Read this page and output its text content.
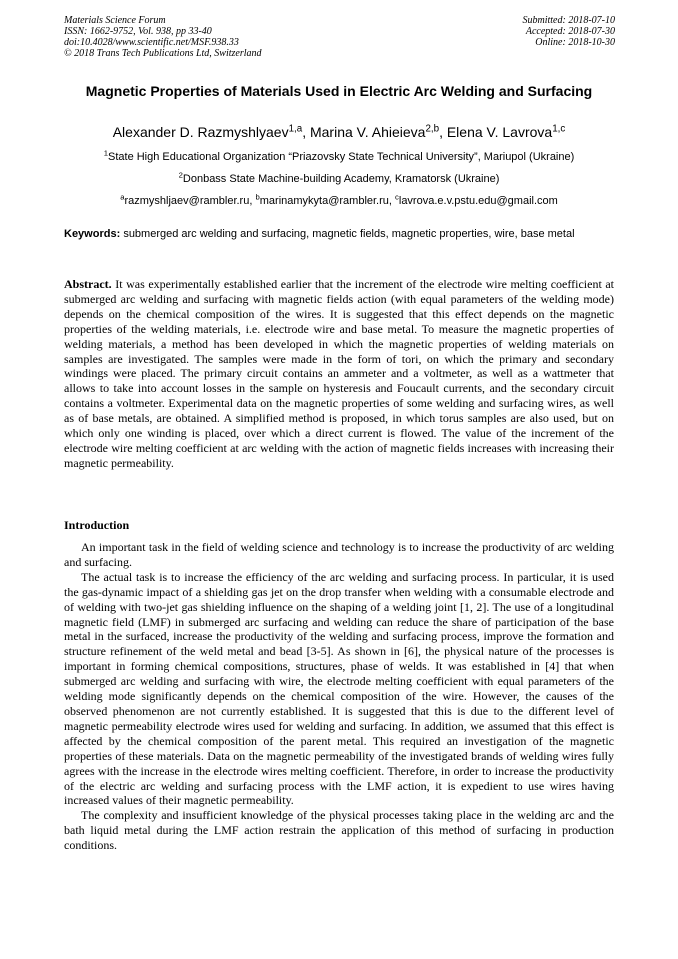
Materials Science Forum
ISSN: 1662-9752, Vol. 938, pp 33-40
doi:10.4028/www.scientific.net/MSF.938.33
© 2018 Trans Tech Publications Ltd, Switzerland
Submitted: 2018-07-10
Accepted: 2018-07-30
Online: 2018-10-30
Magnetic Properties of Materials Used in Electric Arc Welding and Surfacing
Alexander D. Razmyshlyaev$^{1,a}$, Marina V. Ahieieva$^{2,b}$, Elena V. Lavrova$^{1,c}$
$^1$State High Educational Organization “Priazovsky State Technical University”, Mariupol (Ukraine)
$^2$Donbass State Machine-building Academy, Kramatorsk (Ukraine)
$^a$razmyshljaev@rambler.ru, $^b$marinamykyta@rambler.ru, $^c$lavrova.e.v.pstu.edu@gmail.com
Keywords: submerged arc welding and surfacing, magnetic fields, magnetic properties, wire, base metal
Abstract. It was experimentally established earlier that the increment of the electrode wire melting coefficient at submerged arc welding and surfacing with magnetic fields action (with equal parameters of the welding mode) depends on the chemical composition of the wires. It is suggested that this effect depends on the magnetic properties of the welding materials, i.e. electrode wire and base metal. To measure the magnetic properties of welding materials, a method has been developed in which the magnetic properties of welding materials on samples are investigated. The samples were made in the form of tori, on which the primary and secondary windings were placed. The primary circuit contains an ammeter and a voltmeter, as well as a wattmeter that allows to take into account losses in the sample on hysteresis and Foucault currents, and the secondary circuit contains a voltmeter. Experimental data on the magnetic properties of some welding and surfacing wires, as well as of base metals, are obtained. A simplified method is proposed, in which torus samples are also used, but on which only one winding is placed, over which a direct current is flowed. The value of the increment of the electrode wire melting coefficient at arc welding with the action of magnetic fields increases with increasing their magnetic permeability.
Introduction

An important task in the field of welding science and technology is to increase the productivity of arc welding and surfacing.

The actual task is to increase the efficiency of the arc welding and surfacing process. In particular, it is used the gas-dynamic impact of a shielding gas jet on the drop transfer when welding with a consumable electrode and of welding with two-jet gas shielding influence on the shaping of a welding joint [1, 2]. The use of a longitudinal magnetic field (LMF) in submerged arc surfacing and welding can reduce the share of participation of the base metal in the surfaced, increase the productivity of the welding and surfacing process, improve the formation and structure refinement of the weld metal and bead [3-5]. As shown in [6], the physical nature of the processes is important in forming chemical compositions, structures, phase of welds. It was established in [4] that when submerged arc welding and surfacing with wire, the electrode melting coefficient with equal parameters of the welding mode significantly depends on the chemical composition of the wire. However, the causes of the observed phenomenon are not currently established. It is suggested that this is due to the different level of magnetic permeability electrode wires used for welding and surfacing. In addition, we assumed that this effect is affected by the chemical composition of the parent metal. This required an investigation of the magnetic properties of these materials. Data on the magnetic permeability of the investigated brands of welding wires fully agrees with the increase in the electrode wires melting coefficient. Therefore, in order to increase the productivity of the electric arc welding and surfacing process with the LMF action, it is expedient to use wires having increased values of their magnetic permeability.

The complexity and insufficient knowledge of the physical processes taking place in the welding arc and the bath liquid metal during the LMF action restrain the application of this method of surfacing in production conditions.
